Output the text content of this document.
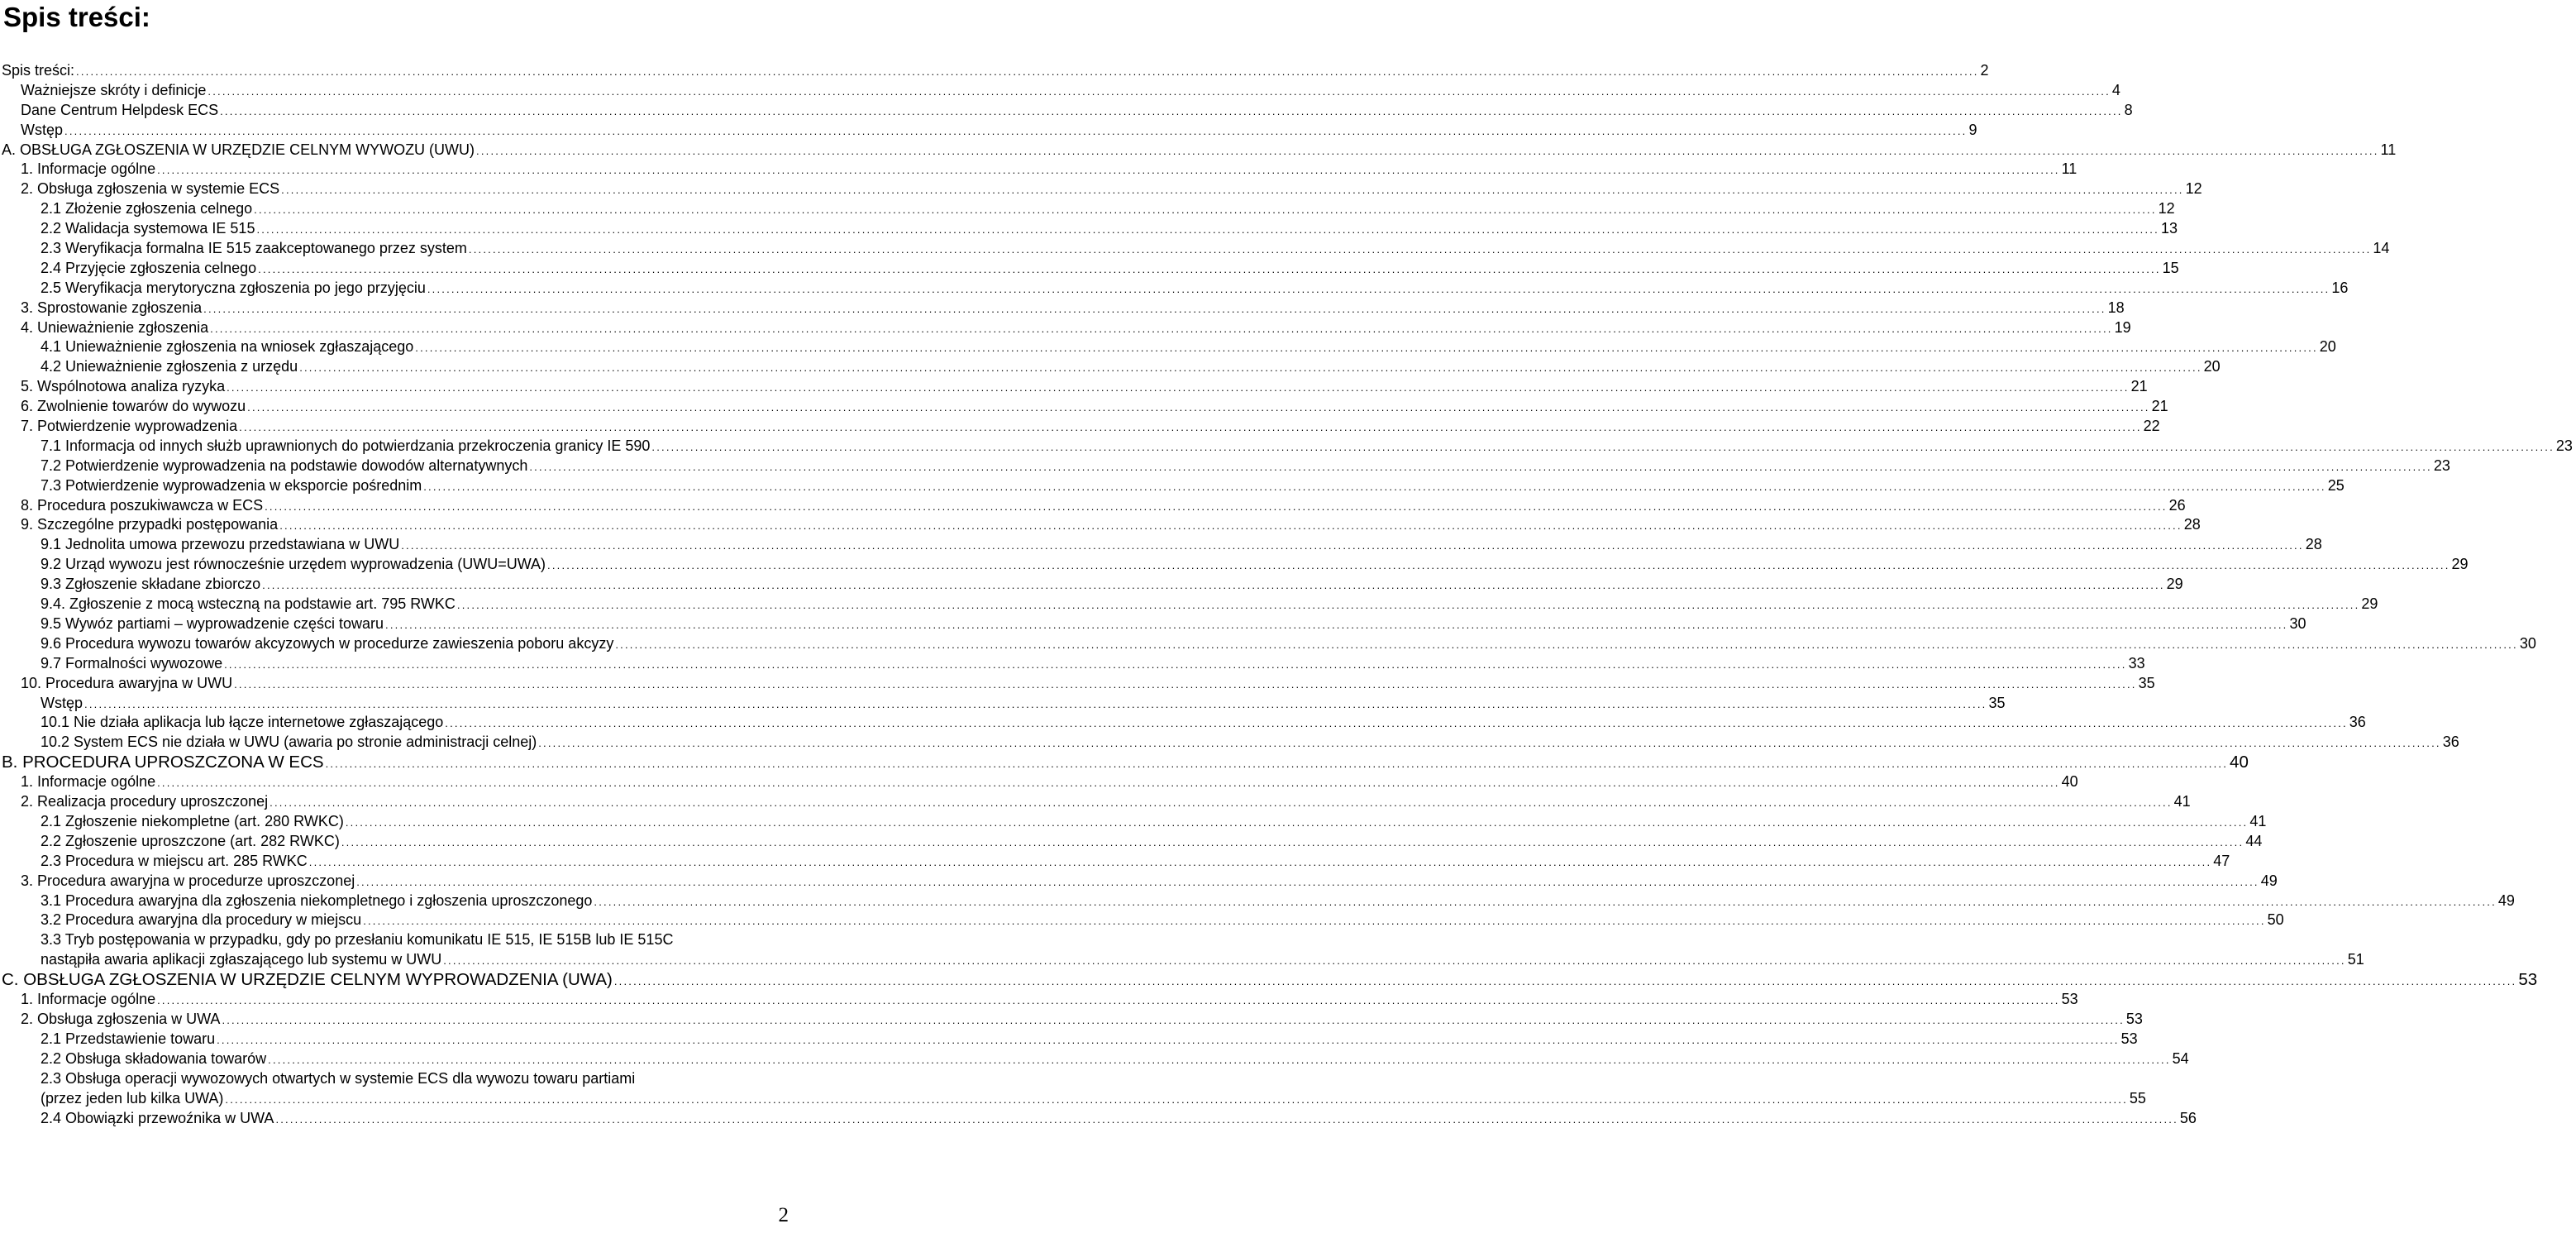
Spis treści:
Spis treści: .....	2
Ważniejsze skróty i definicje .....	4
Dane Centrum Helpdesk ECS .....	8
Wstęp .....	9
A. OBSŁUGA ZGŁOSZENIA W URZĘDZIE CELNYM WYWOZU (UWU) .....	11
1. Informacje ogólne .....	11
2. Obsługa zgłoszenia w systemie ECS .....	12
2.1 Złożenie zgłoszenia celnego .....	12
2.2 Walidacja systemowa IE 515 .....	13
2.3 Weryfikacja formalna IE 515 zaakceptowanego przez system .....	14
2.4 Przyjęcie zgłoszenia celnego .....	15
2.5 Weryfikacja merytoryczna zgłoszenia po jego przyjęciu .....	16
3. Sprostowanie zgłoszenia .....	18
4. Unieważnienie zgłoszenia .....	19
4.1 Unieważnienie zgłoszenia na wniosek zgłaszającego .....	20
4.2 Unieważnienie zgłoszenia z urzędu .....	20
5. Wspólnotowa analiza ryzyka .....	21
6. Zwolnienie towarów do wywozu .....	21
7. Potwierdzenie wyprowadzenia .....	22
7.1 Informacja od innych służb uprawnionych do potwierdzania przekroczenia granicy IE 590 .....	23
7.2 Potwierdzenie wyprowadzenia na podstawie dowodów alternatywnych .....	23
7.3 Potwierdzenie wyprowadzenia w eksporcie pośrednim .....	25
8. Procedura poszukiwawcza w ECS .....	26
9. Szczególne przypadki postępowania .....	28
9.1 Jednolita umowa przewozu przedstawiana w UWU .....	28
9.2 Urząd wywozu jest równocześnie urzędem wyprowadzenia (UWU=UWA) .....	29
9.3 Zgłoszenie składane zbiorczo .....	29
9.4. Zgłoszenie z mocą wsteczną na podstawie art. 795 RWKC .....	29
9.5 Wywóz partiami – wyprowadzenie części towaru .....	30
9.6 Procedura wywozu towarów akcyzowych w procedurze zawieszenia poboru akcyzy .....	30
9.7 Formalności wywozowe .....	33
10. Procedura awaryjna w UWU .....	35
Wstęp .....	35
10.1 Nie działa aplikacja lub łącze internetowe zgłaszającego .....	36
10.2 System ECS nie działa w UWU (awaria po stronie administracji celnej) .....	36
B. PROCEDURA UPROSZCZONA W ECS .....	40
1. Informacje ogólne .....	40
2. Realizacja procedury uproszczonej .....	41
2.1 Zgłoszenie niekompletne (art. 280 RWKC) .....	41
2.2 Zgłoszenie uproszczone (art. 282 RWKC) .....	44
2.3 Procedura w miejscu art. 285 RWKC .....	47
3. Procedura awaryjna w procedurze uproszczonej .....	49
3.1 Procedura awaryjna dla zgłoszenia niekompletnego i zgłoszenia uproszczonego .....	49
3.2 Procedura awaryjna dla procedury w miejscu .....	50
3.3 Tryb postępowania w przypadku, gdy po przesłaniu komunikatu IE 515, IE 515B lub IE 515C
nastąpiła awaria aplikacji zgłaszającego lub systemu w UWU .....	51
C. OBSŁUGA ZGŁOSZENIA W URZĘDZIE CELNYM WYPROWADZENIA (UWA) .....	53
1. Informacje ogólne .....	53
2. Obsługa zgłoszenia w UWA .....	53
2.1 Przedstawienie towaru .....	53
2.2 Obsługa składowania towarów .....	54
2.3 Obsługa operacji wywozowych otwartych w systemie ECS dla wywozu towaru partiami
(przez jeden lub kilka UWA) .....	55
2.4 Obowiązki przewoźnika w UWA .....	56
2
